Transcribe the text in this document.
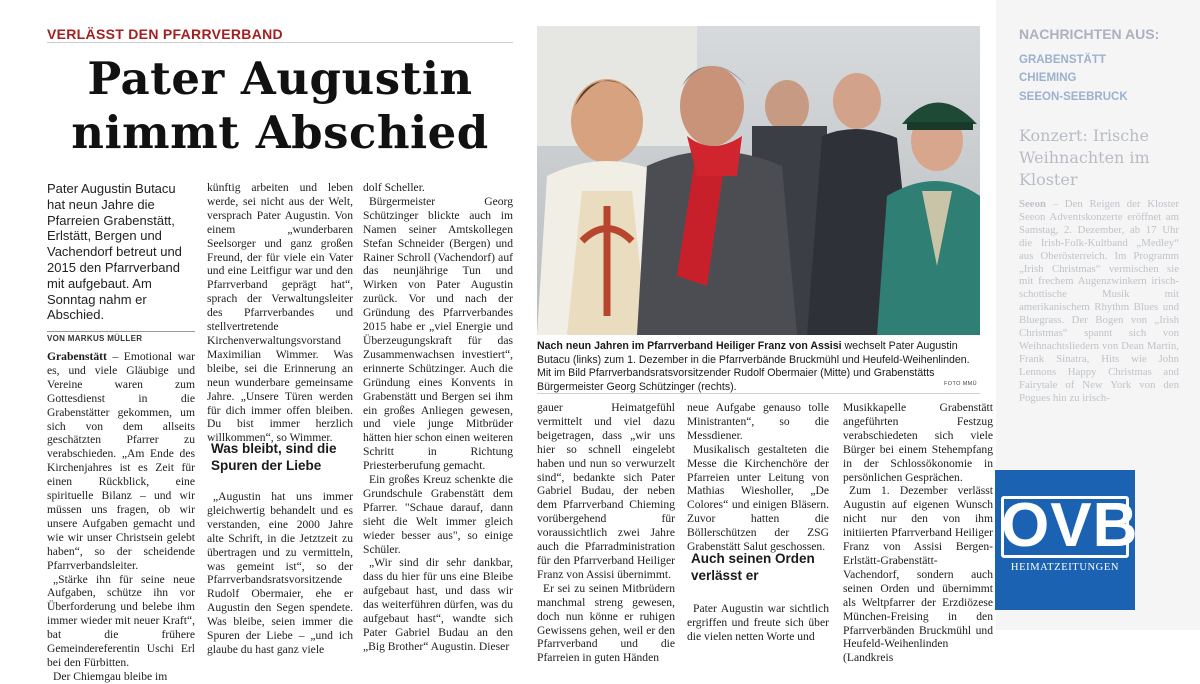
VERLÄSST DEN PFARRVERBAND
Pater Augustin
nimmt Abschied
Pater Augustin Butacu hat neun Jahre die Pfarreien Grabenstätt, Erlstätt, Bergen und Vachendorf betreut und 2015 den Pfarrverband mit aufgebaut. Am Sonntag nahm er Abschied.
VON MARKUS MÜLLER

Grabenstätt – Emotional war es, und viele Gläubige und Vereine waren zum Gottesdienst in die Grabenstätter gekommen, um sich von dem allseits geschätzten Pfarrer zu verabschieden. „Am Ende des Kirchenjahres ist es Zeit für einen Rückblick, eine spirituelle Bilanz – und wir müssen uns fragen, ob wir unsere Aufgaben gemacht und wie wir unser Christsein gelebt haben“, so der scheidende Pfarrverbandsleiter.

„Stärke ihn für seine neue Aufgaben, schütze ihn vor Überforderung und belebe ihm immer wieder mit neuer Kraft“, bat die frühere Gemeindereferentin Uschi Erl bei den Fürbitten.

Der Chiemgau bleibe im

künftig arbeiten und leben werde, sei nicht aus der Welt, versprach Pater Augustin. Von einem „wunderbaren Seelsorger und ganz großen Freund, der für viele ein Vater und eine Leitfigur war und den Pfarrverband geprägt hat“, sprach der Verwaltungsleiter des Pfarrverbandes und stellvertretende Kirchenverwaltungsvorstand Maximilian Wimmer. Was bleibe, sei die Erinnerung an neun wunderbare gemeinsame Jahre. „Unsere Türen werden für dich immer offen bleiben. Du bist immer herzlich willkommen“, so Wimmer.

Was bleibt, sind die Spuren der Liebe

„Augustin hat uns immer gleichwertig behandelt und es verstanden, eine 2000 Jahre alte Schrift, in die Jetztzeit zu übertragen und zu vermitteln, was gemeint ist“, so der Pfarrverbandsratsvorsitzende Rudolf Obermaier, ehe er Augustin den Segen spendete. Was bleibe, seien immer die Spuren der Liebe – „und ich glaube du hast ganz viele

dolf Scheller.

Bürgermeister Georg Schützinger blickte auch im Namen seiner Amtskollegen Stefan Schneider (Bergen) und Rainer Schroll (Vachendorf) auf das neunjährige Tun und Wirken von Pater Augustin zurück. Vor und nach der Gründung des Pfarrverbandes 2015 habe er „viel Energie und Überzeugungskraft für das Zusammenwachsen investiert“, erinnerte Schützinger. Auch die Gründung eines Konvents in Grabenstätt und Bergen sei ihm ein großes Anliegen gewesen, und viele junge Mitbrüder hätten hier schon einen weiteren Schritt in Richtung Priesterberufung gemacht.

Ein großes Kreuz schenkte die Grundschule Grabenstätt dem Pfarrer. "Schaue darauf, dann sieht die Welt immer gleich wieder besser aus", so einige Schüler.

„Wir sind dir sehr dankbar, dass du hier für uns eine Bleibe aufgebaut hast, und dass wir das weiterführen dürfen, was du aufgebaut hast“, wandte sich Pater Gabriel Budau an den „Big Brother“ Augustin. Dieser

Nach neun Jahren im Pfarrverband Heiliger Franz von Assisi wechselt Pater Augustin Butacu (links) zum 1. Dezember in die Pfarrverbände Bruckmühl und Heufeld-Weihenlinden. Mit im Bild Pfarrverbandsratsvorsitzender Rudolf Obermaier (Mitte) und Grabenstätts Bürgermeister Georg Schützinger (rechts).	FOTO MMÜ

gauer Heimatgefühl vermittelt und viel dazu beigetragen, dass „wir uns hier so schnell eingelebt haben und nun so verwurzelt sind“, bedankte sich Pater Gabriel Budau, der neben dem Pfarrverband Chieming vorübergehend für voraussichtlich zwei Jahre auch die Pfarradministration für den Pfarrverband Heiliger Franz von Assisi übernimmt.

Er sei zu seinen Mitbrüdern manchmal streng gewesen, doch nun könne er ruhigen Gewissens gehen, weil er den Pfarrverband und die Pfarreien in guten Händen

neue Aufgabe genauso tolle Ministranten“, so die Messdiener.

Musikalisch gestalteten die Messe die Kirchenchöre der Pfarreien unter Leitung von Mathias Wiesholler, „De Colores“ und einigen Bläsern. Zuvor hatten die Böllerschützen der ZSG Grabenstätt Salut geschossen.

Pater Augustin war sichtlich ergriffen und freute sich über die vielen netten Worte und

Auch seinen Orden verlässt er

Musikkapelle Grabenstätt angeführten Festzug verabschiedeten sich viele Bürger bei einem Stehempfang in der Schlossökonomie in persönlichen Gesprächen.

Zum 1. Dezember verlässt Augustin auf eigenen Wunsch nicht nur den von ihm initiierten Pfarrverband Heiliger Franz von Assisi Bergen-Erlstätt-Grabenstätt-Vachendorf, sondern auch seinen Orden und übernimmt als Weltpfarrer der Erzdiözese München-Freising in den Pfarrverbänden Bruckmühl und Heufeld-Weihenlinden (Landkreis

NACHRICHTEN AUS:
GRABENSTÄTT
CHIEMING
SEEON-SEEBRUCK
Konzert: Irische Weihnachten im Kloster
Seeon – Den Reigen der Kloster Seeon Adventskonzerte eröffnet am Samstag, 2. Dezember, ab 17 Uhr die Irish-Folk-Kultband „Medley“ aus Oberösterreich. Im Programm „Irish Christmas“ vermischen sie mit frechem Augenzwinkern irisch-schottische Musik mit amerikanischem Rhythm Blues und Bluegrass. Der Bogen von „Irish Christmas“ spannt sich von Weihnachtsliedern von Dean Martin, Frank Sinatra, Hits wie John Lennons Happy Christmas and Fairytale of New York von den Pogues hin zu irisch-
OVB
HEIMATZEITUNGEN
